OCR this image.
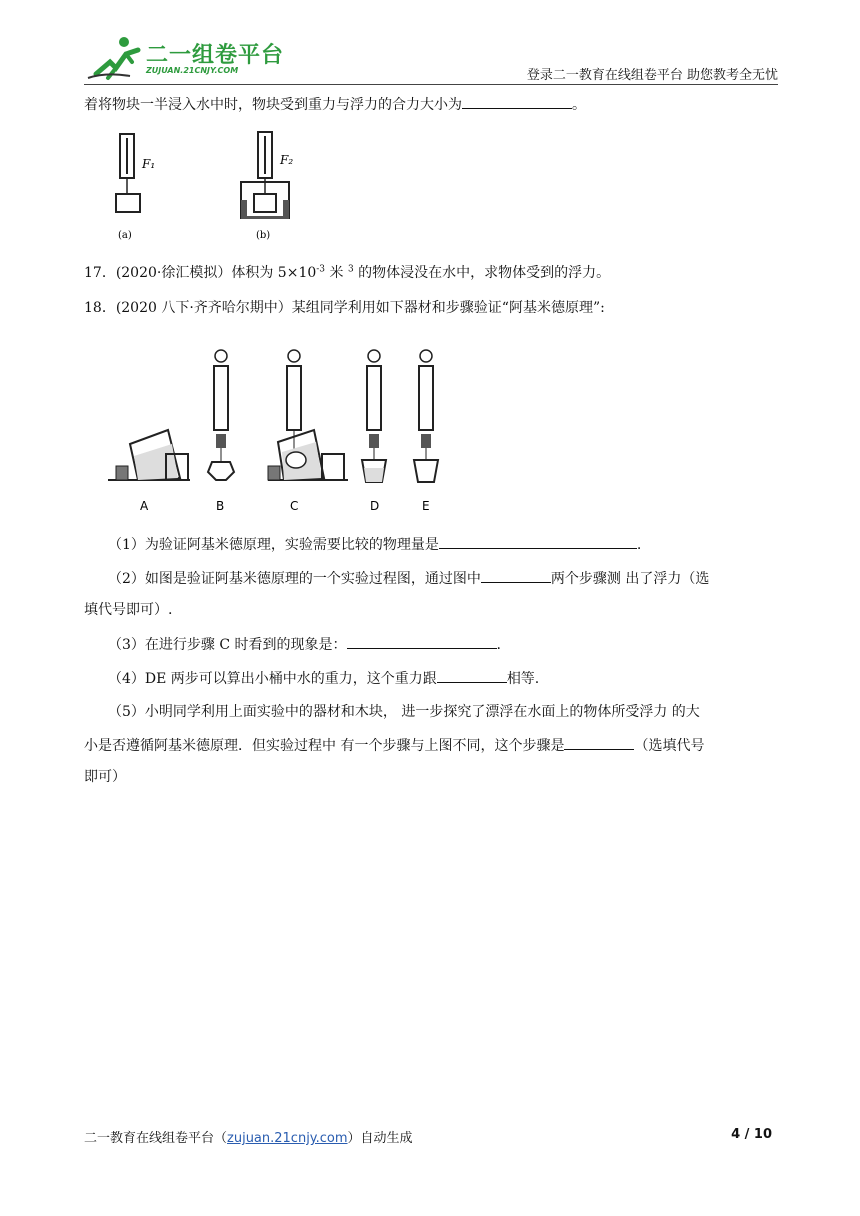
二一组卷平台
ZUJUAN.21CNJY.COM	登录二一教育在线组卷平台 助您教考全无忧
着将物块一半浸入水中时，物块受到重力与浮力的合力大小为	。
F₁
(a)
F₂
(b)
17．(2020·徐汇模拟）体积为 $5\times 10^{-3}$ 米 $^3$ 的物体浸没在水中，求物体受到的浮力。
18．(2020 八下·齐齐哈尔期中）某组同学利用如下器材和步骤验证“阿基米德原理”:
A	B	C	D	E
（1）为验证阿基米德原理，实验需要比较的物理量是	.
（2）如图是验证阿基米德原理的一个实验过程图，通过图中	两个步骤测 出了浮力（选
填代号即可）.
（3）在进行步骤 C 时看到的现象是：	.
（4）DE 两步可以算出小桶中水的重力，这个重力跟	相等.
（5）小明同学利用上面实验中的器材和木块， 进一步探究了漂浮在水面上的物体所受浮力 的大
小是否遵循阿基米德原理．但实验过程中 有一个步骤与上图不同，这个步骤是	（选填代号
即可）
二一教育在线组卷平台（zujuan.21cnjy.com）自动生成	4 / 10
